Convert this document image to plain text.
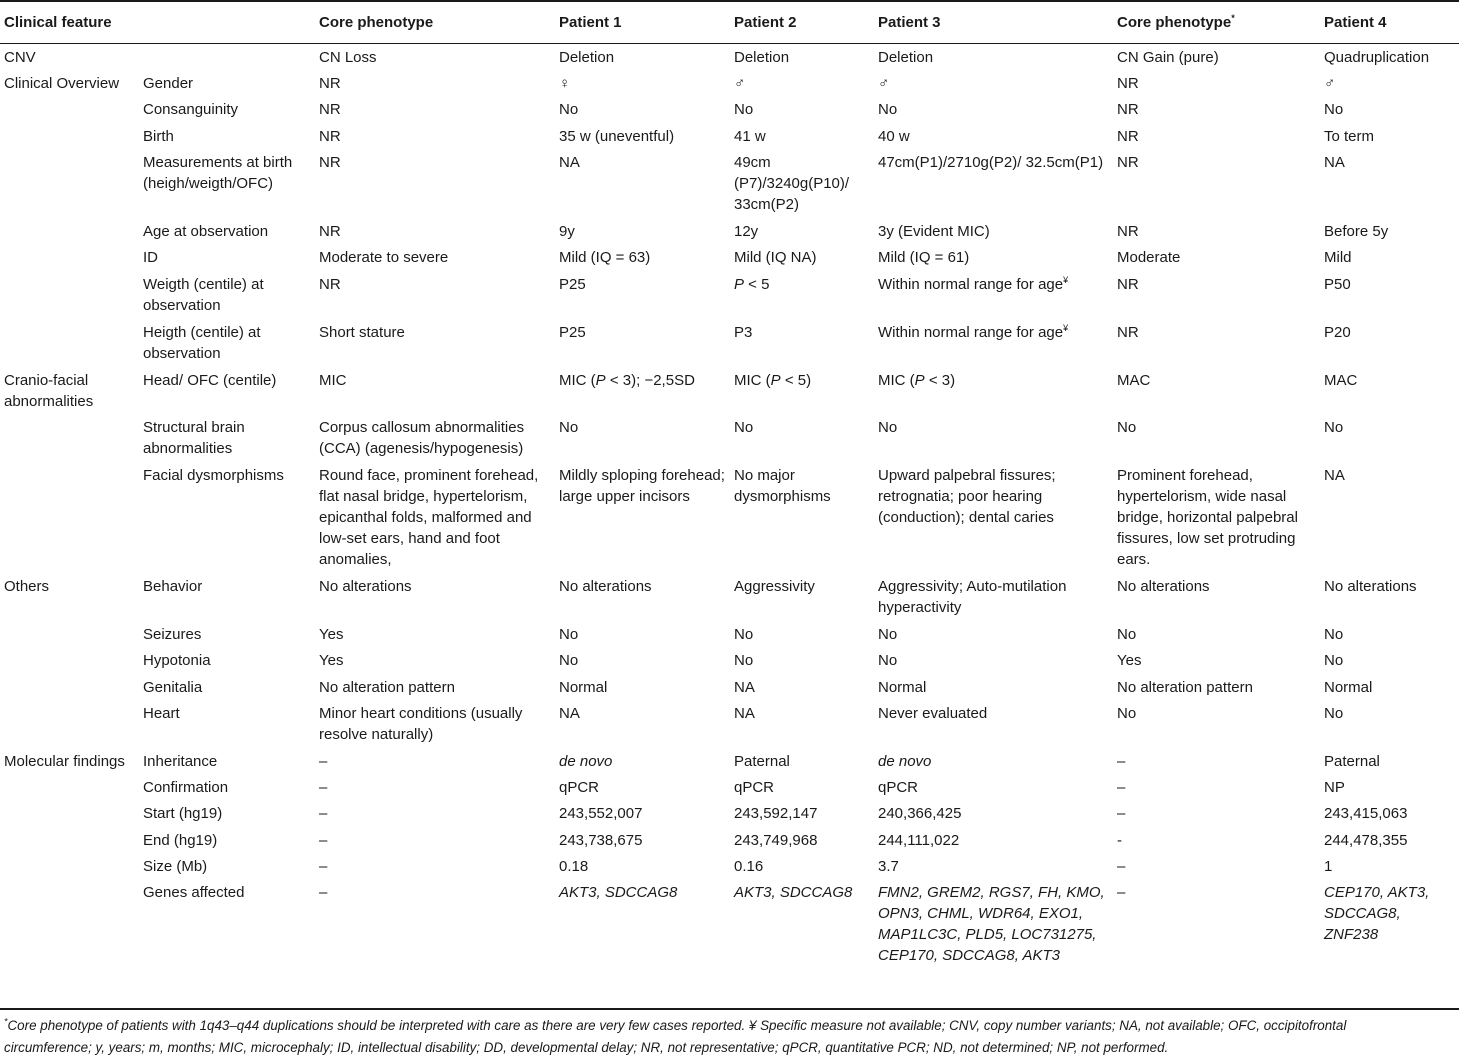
Clinical feature		Core phenotype	Patient 1	Patient 2	Patient 3	Core phenotype*	Patient 4
CNV		CN Loss	Deletion	Deletion	Deletion	CN Gain (pure)	Quadruplication
Clinical Overview	Gender	NR	♀	♂	♂	NR	♂
	Consanguinity	NR	No	No	No	NR	No
	Birth	NR	35 w (uneventful)	41 w	40 w	NR	To term
	Measurements at birth (heigh/weigth/OFC)	NR	NA	49cm (P7)/3240g(P10)/ 33cm(P2)	47cm(P1)/2710g(P2)/ 32.5cm(P1)	NR	NA
	Age at observation	NR	9y	12y	3y (Evident MIC)	NR	Before 5y
	ID	Moderate to severe	Mild (IQ = 63)	Mild (IQ NA)	Mild (IQ = 61)	Moderate	Mild
	Weigth (centile) at observation	NR	P25	P < 5	Within normal range for age¥	NR	P50
	Heigth (centile) at observation	Short stature	P25	P3	Within normal range for age¥	NR	P20
Cranio-facial abnormalities	Head/ OFC (centile)	MIC	MIC (P < 3); −2,5SD	MIC (P < 5)	MIC (P < 3)	MAC	MAC
	Structural brain abnormalities	Corpus callosum abnormalities (CCA) (agenesis/hypogenesis)	No	No	No	No	No
	Facial dysmorphisms	Round face, prominent forehead, flat nasal bridge, hypertelorism, epicanthal folds, malformed and low-set ears, hand and foot anomalies,	Mildly sploping forehead; large upper incisors	No major dysmorphisms	Upward palpebral fissures; retrognatia; poor hearing (conduction); dental caries	Prominent forehead, hypertelorism, wide nasal bridge, horizontal palpebral fissures, low set protruding ears.	NA
Others	Behavior	No alterations	No alterations	Aggressivity	Aggressivity; Auto-mutilation hyperactivity	No alterations	No alterations
	Seizures	Yes	No	No	No	No	No
	Hypotonia	Yes	No	No	No	Yes	No
	Genitalia	No alteration pattern	Normal	NA	Normal	No alteration pattern	Normal
	Heart	Minor heart conditions (usually resolve naturally)	NA	NA	Never evaluated	No	No
Molecular findings	Inheritance	–	de novo	Paternal	de novo	–	Paternal
	Confirmation	–	qPCR	qPCR	qPCR	–	NP
	Start (hg19)	–	243,552,007	243,592,147	240,366,425	–	243,415,063
	End (hg19)	–	243,738,675	243,749,968	244,111,022	-	244,478,355
	Size (Mb)	–	0.18	0.16	3.7	–	1
	Genes affected	–	AKT3, SDCCAG8	AKT3, SDCCAG8	FMN2, GREM2, RGS7, FH, KMO, OPN3, CHML, WDR64, EXO1, MAP1LC3C, PLD5, LOC731275, CEP170, SDCCAG8, AKT3	–	CEP170, AKT3, SDCCAG8, ZNF238
*Core phenotype of patients with 1q43–q44 duplications should be interpreted with care as there are very few cases reported. ¥ Specific measure not available; CNV, copy number variants; NA, not available; OFC, occipitofrontal
circumference; y, years; m, months; MIC, microcephaly; ID, intellectual disability; DD, developmental delay; NR, not representative; qPCR, quantitative PCR; ND, not determined; NP, not performed.
